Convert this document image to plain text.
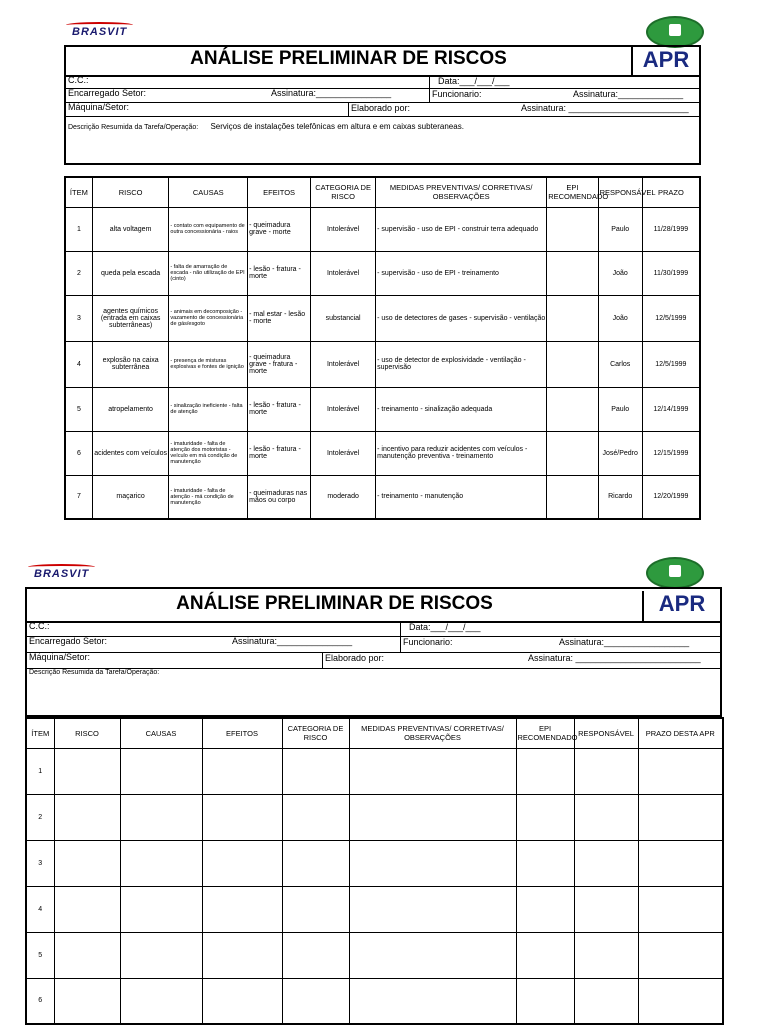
BRASVIT
ANÁLISE PRELIMINAR DE RISCOS	APR
C.C.:	Data:___/___/___
Encarregado Setor:	Assinatura:_______________	Funcionario:	Assinatura:_____________
Máquina/Setor:	Elaborado por:	Assinatura: ________________________
Descrição Resumida da Tarefa/Operação: Serviços de instalações telefônicas em altura e em caixas subteraneas.
ÍTEM	RISCO	CAUSAS	EFEITOS	CATEGORIA DE RISCO	MEDIDAS PREVENTIVAS/ CORRETIVAS/ OBSERVAÇÕES	EPI RECOMENDADO	RESPONSÁVEL	PRAZO
1	alta voltagem	- contato com equipamento de outra concessionária - raios	- queimadura grave - morte	Intolerável	- supervisão - uso de EPI - construir terra adequado		Paulo	11/28/1999
2	queda pela escada	- falta de amarração de escada - não utilização de EPI (cinto)	- lesão - fratura - morte	Intolerável	- supervisão - uso de EPI - treinamento		João	11/30/1999
3	agentes químicos (entrada em caixas subterrâneas)	- animais em decomposição - vazamento de concessionária de gás/esgoto	- mal estar - lesão - morte	substancial	- uso de detectores de gases - supervisão - ventilação		João	12/5/1999
4	explosão na caixa subterrânea	- presença de misturas explosivas e fontes de ignição	- queimadura grave - fratura - morte	Intolerável	- uso de detector de explosividade - ventilação - supervisão		Carlos	12/5/1999
5	atropelamento	- sinalização ineficiente - falta de atenção	- lesão - fratura - morte	Intolerável	- treinamento - sinalização adequada		Paulo	12/14/1999
6	acidentes com veículos	- imaturidade - falta de atenção dos motoristas - veículo em má condição de manutenção	- lesão - fratura - morte	Intolerável	- incentivo para reduzir acidentes com veículos - manutenção preventiva - treinamento		José/Pedro	12/15/1999
7	maçarico	- imaturidade - falta de atenção - má condição de manutenção	- queimaduras nas mãos ou corpo	moderado	- treinamento - manutenção		Ricardo	12/20/1999
BRASVIT
ANÁLISE PRELIMINAR DE RISCOS	APR
C.C.:	Data:___/___/___
Encarregado Setor:	Assinatura:_______________	Funcionario:	Assinatura:_________________
Máquina/Setor:	Elaborado por:	Assinatura: _________________________
Descrição Resumida da Tarefa/Operação:
ÍTEM	RISCO	CAUSAS	EFEITOS	CATEGORIA DE RISCO	MEDIDAS PREVENTIVAS/ CORRETIVAS/ OBSERVAÇÕES	EPI RECOMENDADO	RESPONSÁVEL	PRAZO DESTA APR
1								
2								
3								
4								
5								
6								
